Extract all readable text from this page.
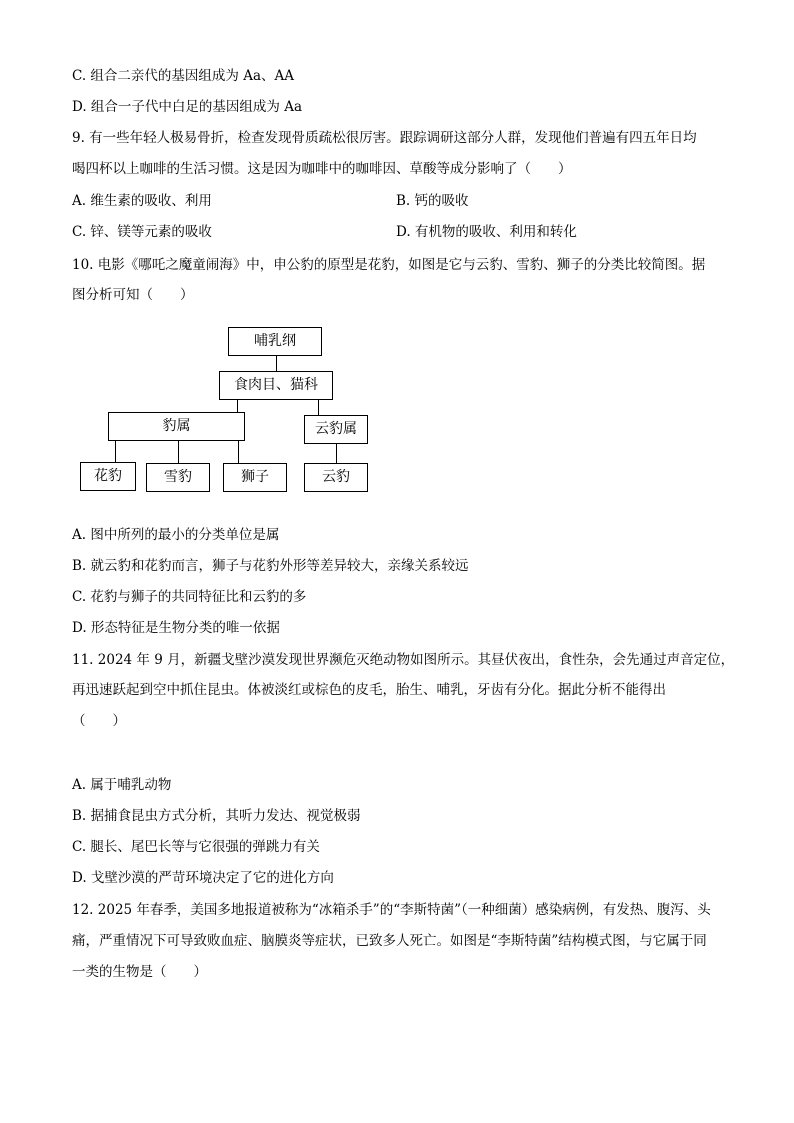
C. 组合二亲代的基因组成为 Aa、AA
D. 组合一子代中白足的基因组成为 Aa
9. 有一些年轻人极易骨折，检查发现骨质疏松很厉害。跟踪调研这部分人群，发现他们普遍有四五年日均
喝四杯以上咖啡的生活习惯。这是因为咖啡中的咖啡因、草酸等成分影响了（　　）
A. 维生素的吸收、利用	B. 钙的吸收
C. 锌、镁等元素的吸收	D. 有机物的吸收、利用和转化
10. 电影《哪吒之魔童闹海》中，申公豹的原型是花豹，如图是它与云豹、雪豹、狮子的分类比较简图。据
图分析可知（　　）
哺乳纲
食肉目、猫科
豹属	云豹属
花豹	雪豹	狮子	云豹
A. 图中所列的最小的分类单位是属
B. 就云豹和花豹而言，狮子与花豹外形等差异较大，亲缘关系较远
C. 花豹与狮子的共同特征比和云豹的多
D. 形态特征是生物分类的唯一依据
11. 2024 年 9 月，新疆戈壁沙漠发现世界濒危灭绝动物如图所示。其昼伏夜出，食性杂，会先通过声音定位，
再迅速跃起到空中抓住昆虫。体被淡红或棕色的皮毛，胎生、哺乳，牙齿有分化。据此分析不能得出
（　　）
A. 属于哺乳动物
B. 据捕食昆虫方式分析，其听力发达、视觉极弱
C. 腿长、尾巴长等与它很强的弹跳力有关
D. 戈壁沙漠的严苛环境决定了它的进化方向
12. 2025 年春季，美国多地报道被称为“冰箱杀手”的“李斯特菌”（一种细菌）感染病例，有发热、腹泻、头
痛，严重情况下可导致败血症、脑膜炎等症状，已致多人死亡。如图是“李斯特菌”结构模式图，与它属于同
一类的生物是（　　）
